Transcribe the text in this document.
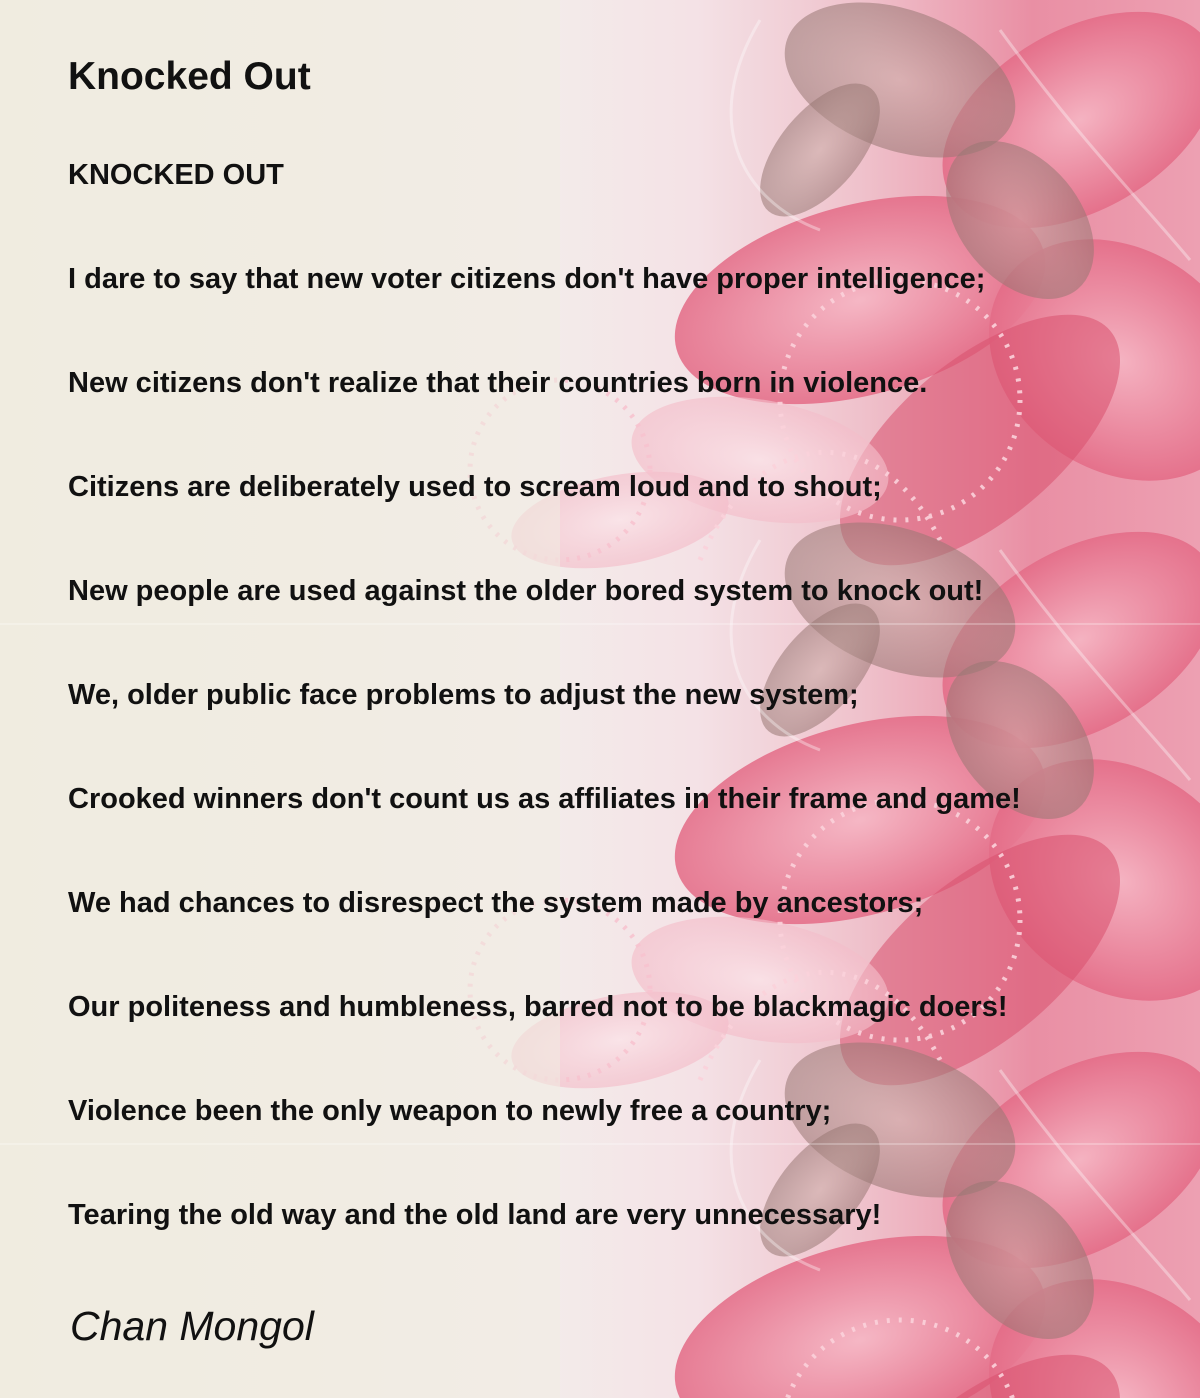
Knocked Out

KNOCKED OUT

I dare to say that new voter citizens don't have proper intelligence;

New citizens don't realize that their countries born in violence.

Citizens are deliberately used to scream loud and to shout;

New people are used against the older bored system to knock out!

We, older public face problems to adjust the new system;

Crooked winners don't count us as affiliates in their frame and game!

We had chances to disrespect the system made by ancestors;

Our politeness and humbleness, barred not to be blackmagic doers!

Violence been the only weapon to newly free a country;

Tearing the old way and the old land are very unnecessary!

Chan Mongol
